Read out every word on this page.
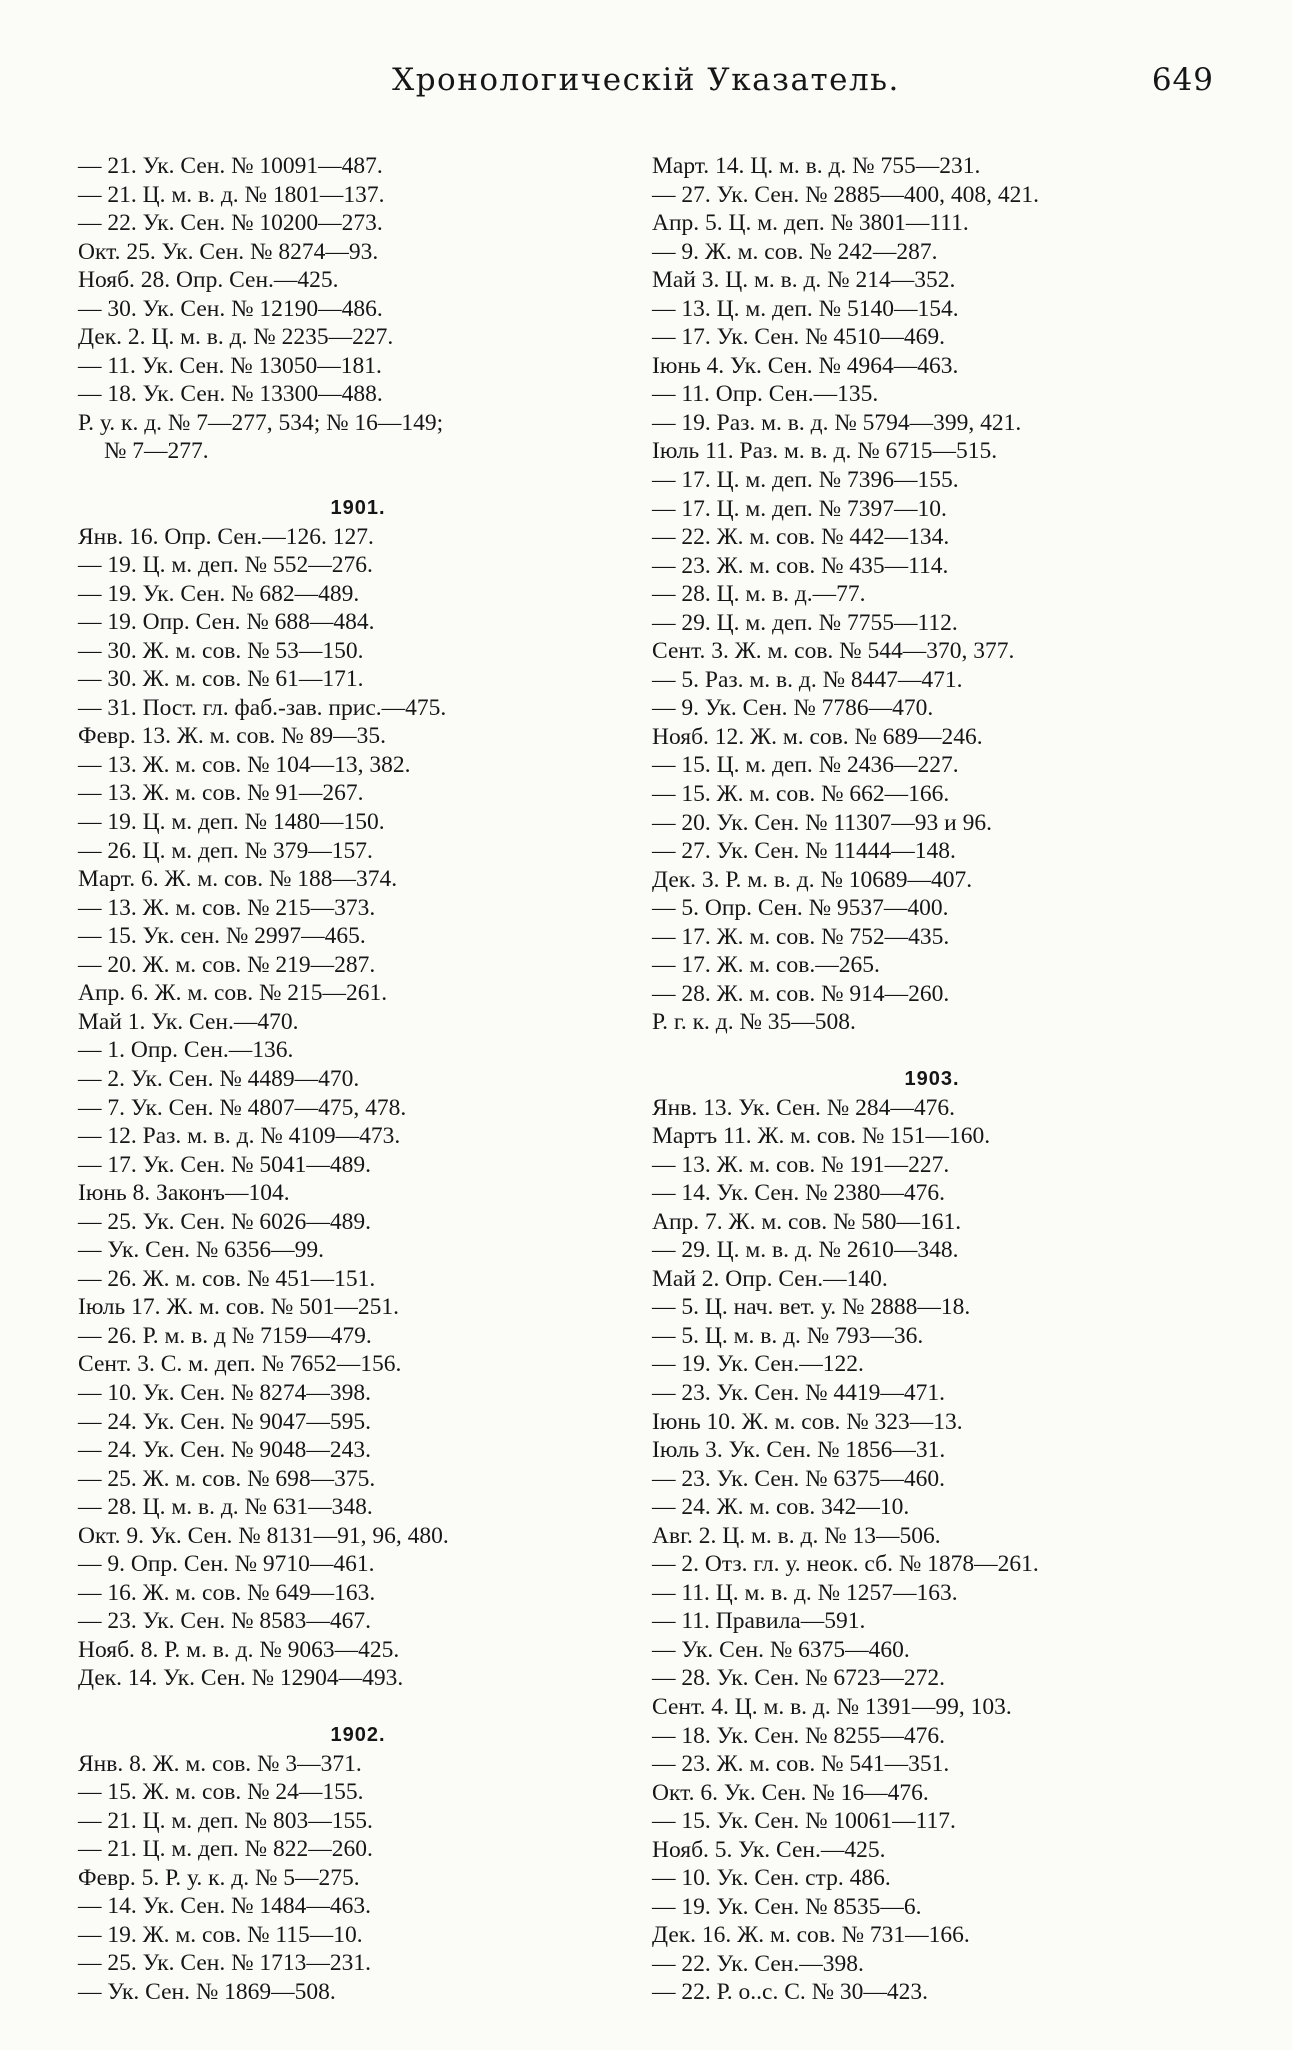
Хронологическій Указатель.	649
— 21. Ук. Сен. № 10091—487.
— 21. Ц. м. в. д. № 1801—137.
— 22. Ук. Сен. № 10200—273.
Окт. 25. Ук. Сен. № 8274—93.
Нояб. 28. Опр. Сен.—425.
— 30. Ук. Сен. № 12190—486.
Дек. 2. Ц. м. в. д. № 2235—227.
— 11. Ук. Сен. № 13050—181.
— 18. Ук. Сен. № 13300—488.
Р. у. к. д. № 7—277, 534; № 16—149;
№ 7—277.
1901.
Янв. 16. Опр. Сен.—126. 127.
— 19. Ц. м. деп. № 552—276.
— 19. Ук. Сен. № 682—489.
— 19. Опр. Сен. № 688—484.
— 30. Ж. м. сов. № 53—150.
— 30. Ж. м. сов. № 61—171.
— 31. Пост. гл. фаб.-зав. прис.—475.
Февр. 13. Ж. м. сов. № 89—35.
— 13. Ж. м. сов. № 104—13, 382.
— 13. Ж. м. сов. № 91—267.
— 19. Ц. м. деп. № 1480—150.
— 26. Ц. м. деп. № 379—157.
Март. 6. Ж. м. сов. № 188—374.
— 13. Ж. м. сов. № 215—373.
— 15. Ук. сен. № 2997—465.
— 20. Ж. м. сов. № 219—287.
Апр. 6. Ж. м. сов. № 215—261.
Май 1. Ук. Сен.—470.
— 1. Опр. Сен.—136.
— 2. Ук. Сен. № 4489—470.
— 7. Ук. Сен. № 4807—475, 478.
— 12. Раз. м. в. д. № 4109—473.
— 17. Ук. Сен. № 5041—489.
Іюнь 8. Законъ—104.
— 25. Ук. Сен. № 6026—489.
— Ук. Сен. № 6356—99.
— 26. Ж. м. сов. № 451—151.
Іюль 17. Ж. м. сов. № 501—251.
— 26. Р. м. в. д № 7159—479.
Сент. 3. С. м. деп. № 7652—156.
— 10. Ук. Сен. № 8274—398.
— 24. Ук. Сен. № 9047—595.
— 24. Ук. Сен. № 9048—243.
— 25. Ж. м. сов. № 698—375.
— 28. Ц. м. в. д. № 631—348.
Окт. 9. Ук. Сен. № 8131—91, 96, 480.
— 9. Опр. Сен. № 9710—461.
— 16. Ж. м. сов. № 649—163.
— 23. Ук. Сен. № 8583—467.
Нояб. 8. Р. м. в. д. № 9063—425.
Дек. 14. Ук. Сен. № 12904—493.
1902.
Янв. 8. Ж. м. сов. № 3—371.
— 15. Ж. м. сов. № 24—155.
— 21. Ц. м. деп. № 803—155.
— 21. Ц. м. деп. № 822—260.
Февр. 5. Р. у. к. д. № 5—275.
— 14. Ук. Сен. № 1484—463.
— 19. Ж. м. сов. № 115—10.
— 25. Ук. Сен. № 1713—231.
— Ук. Сен. № 1869—508.
Март. 14. Ц. м. в. д. № 755—231.
— 27. Ук. Сен. № 2885—400, 408, 421.
Апр. 5. Ц. м. деп. № 3801—111.
— 9. Ж. м. сов. № 242—287.
Май 3. Ц. м. в. д. № 214—352.
— 13. Ц. м. деп. № 5140—154.
— 17. Ук. Сен. № 4510—469.
Іюнь 4. Ук. Сен. № 4964—463.
— 11. Опр. Сен.—135.
— 19. Раз. м. в. д. № 5794—399, 421.
Іюль 11. Раз. м. в. д. № 6715—515.
— 17. Ц. м. деп. № 7396—155.
— 17. Ц. м. деп. № 7397—10.
— 22. Ж. м. сов. № 442—134.
— 23. Ж. м. сов. № 435—114.
— 28. Ц. м. в. д.—77.
— 29. Ц. м. деп. № 7755—112.
Сент. 3. Ж. м. сов. № 544—370, 377.
— 5. Раз. м. в. д. № 8447—471.
— 9. Ук. Сен. № 7786—470.
Нояб. 12. Ж. м. сов. № 689—246.
— 15. Ц. м. деп. № 2436—227.
— 15. Ж. м. сов. № 662—166.
— 20. Ук. Сен. № 11307—93 и 96.
— 27. Ук. Сен. № 11444—148.
Дек. 3. Р. м. в. д. № 10689—407.
— 5. Опр. Сен. № 9537—400.
— 17. Ж. м. сов. № 752—435.
— 17. Ж. м. сов.—265.
— 28. Ж. м. сов. № 914—260.
Р. г. к. д. № 35—508.
1903.
Янв. 13. Ук. Сен. № 284—476.
Мартъ 11. Ж. м. сов. № 151—160.
— 13. Ж. м. сов. № 191—227.
— 14. Ук. Сен. № 2380—476.
Апр. 7. Ж. м. сов. № 580—161.
— 29. Ц. м. в. д. № 2610—348.
Май 2. Опр. Сен.—140.
— 5. Ц. нач. вет. у. № 2888—18.
— 5. Ц. м. в. д. № 793—36.
— 19. Ук. Сен.—122.
— 23. Ук. Сен. № 4419—471.
Іюнь 10. Ж. м. сов. № 323—13.
Іюль 3. Ук. Сен. № 1856—31.
— 23. Ук. Сен. № 6375—460.
— 24. Ж. м. сов. 342—10.
Авг. 2. Ц. м. в. д. № 13—506.
— 2. Отз. гл. у. неок. сб. № 1878—261.
— 11. Ц. м. в. д. № 1257—163.
— 11. Правила—591.
— Ук. Сен. № 6375—460.
— 28. Ук. Сен. № 6723—272.
Сент. 4. Ц. м. в. д. № 1391—99, 103.
— 18. Ук. Сен. № 8255—476.
— 23. Ж. м. сов. № 541—351.
Окт. 6. Ук. Сен. № 16—476.
— 15. Ук. Сен. № 10061—117.
Нояб. 5. Ук. Сен.—425.
— 10. Ук. Сен. стр. 486.
— 19. Ук. Сен. № 8535—6.
Дек. 16. Ж. м. сов. № 731—166.
— 22. Ук. Сен.—398.
— 22. Р. о..с. С. № 30—423.
